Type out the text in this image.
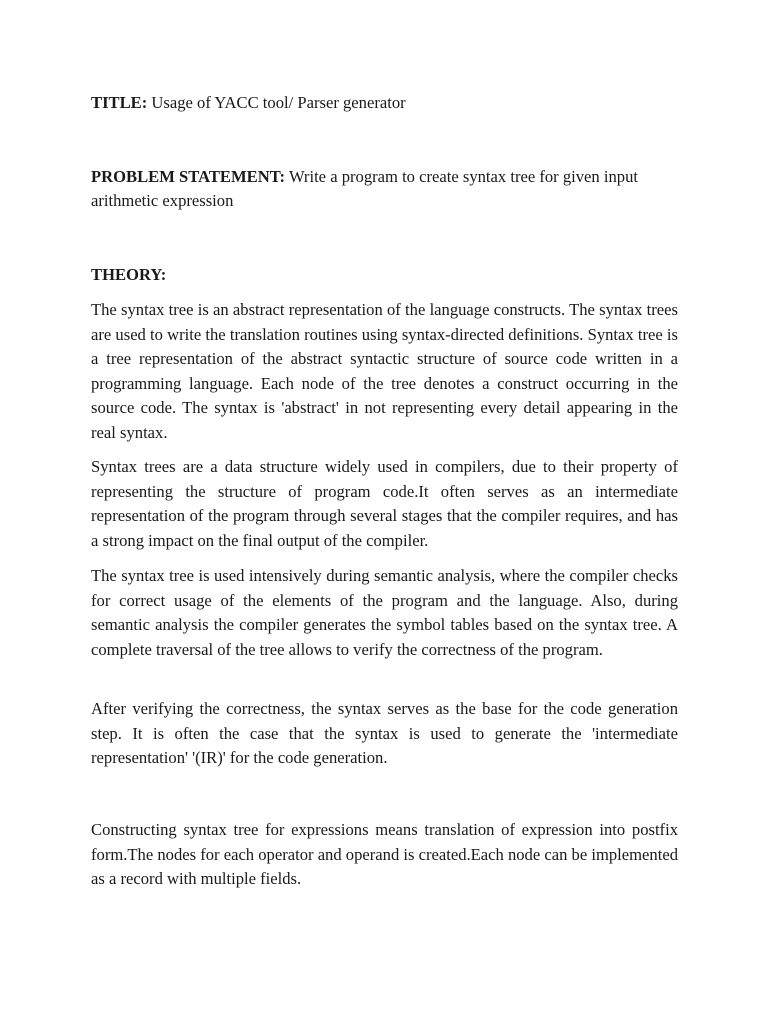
TITLE: Usage of YACC tool/ Parser generator

PROBLEM STATEMENT: Write a program to create syntax tree for given input

arithmetic expression

THEORY:

The syntax tree is an abstract representation of the language constructs. The syntax trees are used to write the translation routines using syntax-directed definitions. Syntax tree is a tree representation of the abstract syntactic structure of source code written in a programming language. Each node of the tree denotes a construct occurring in the source code. The syntax is 'abstract' in not representing every detail appearing in the real syntax.

Syntax trees are a data structure widely used in compilers, due to their property of representing the structure of program code.It often serves as an intermediate representation of the program through several stages that the compiler requires, and has a strong impact on the final output of the compiler.

The syntax tree is used intensively during semantic analysis, where the compiler checks for correct usage of the elements of the program and the language. Also, during semantic analysis the compiler generates the symbol tables based on the syntax tree. A complete traversal of the tree allows to verify the correctness of the program.

After verifying the correctness, the syntax serves as the base for the code generation step. It is often the case that the syntax is used to generate the 'intermediate representation' '(IR)' for the code generation.

Constructing syntax tree for expressions means translation of expression into postfix form.The nodes for each operator and operand is created.Each node can be implemented as a record with multiple fields.
